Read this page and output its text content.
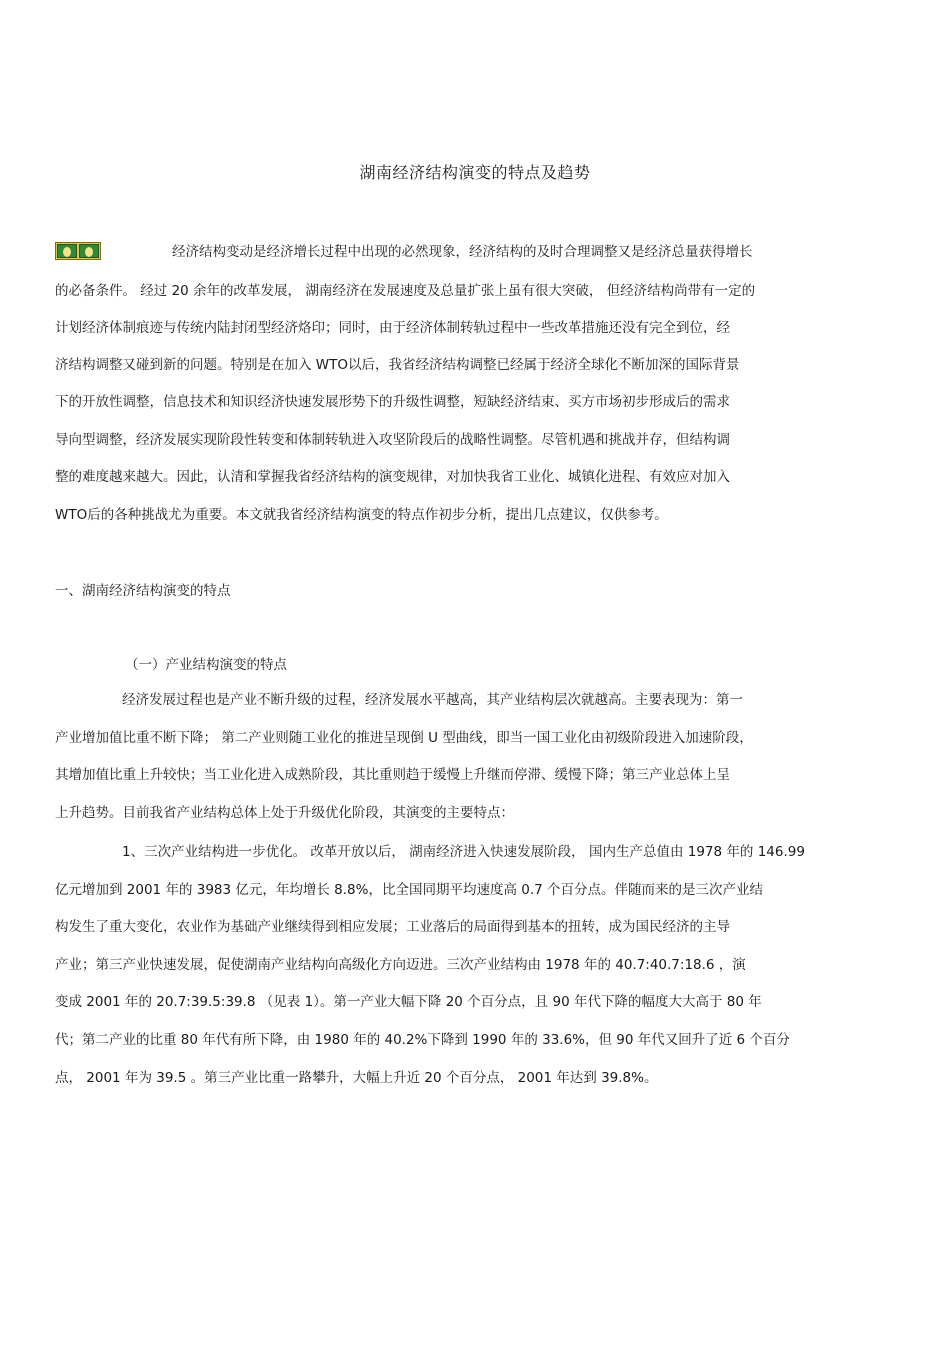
湖南经济结构演变的特点及趋势
经济结构变动是经济增长过程中出现的必然现象，经济结构的及时合理调整又是经济总量获得增长
的必备条件。 经过 20 余年的改革发展， 湖南经济在发展速度及总量扩张上虽有很大突破， 但经济结构尚带有一定的
计划经济体制痕迹与传统内陆封闭型经济烙印；同时，由于经济体制转轨过程中一些改革措施还没有完全到位，经
济结构调整又碰到新的问题。特别是在加入 WTO以后，我省经济结构调整已经属于经济全球化不断加深的国际背景
下的开放性调整，信息技术和知识经济快速发展形势下的升级性调整，短缺经济结束、买方市场初步形成后的需求
导向型调整，经济发展实现阶段性转变和体制转轨进入攻坚阶段后的战略性调整。尽管机遇和挑战并存，但结构调
整的难度越来越大。因此，认清和掌握我省经济结构的演变规律，对加快我省工业化、城镇化进程、有效应对加入
WTO后的各种挑战尤为重要。本文就我省经济结构演变的特点作初步分析，提出几点建议，仅供参考。
一、湖南经济结构演变的特点
（一）产业结构演变的特点
经济发展过程也是产业不断升级的过程，经济发展水平越高，其产业结构层次就越高。主要表现为：第一
产业增加值比重不断下降； 第二产业则随工业化的推进呈现倒 U 型曲线，即当一国工业化由初级阶段进入加速阶段，
其增加值比重上升较快；当工业化进入成熟阶段，其比重则趋于缓慢上升继而停滞、缓慢下降；第三产业总体上呈
上升趋势。目前我省产业结构总体上处于升级优化阶段，其演变的主要特点：
1、三次产业结构进一步优化。 改革开放以后， 湖南经济进入快速发展阶段， 国内生产总值由 1978 年的 146.99
亿元增加到 2001 年的 3983 亿元，年均增长 8.8%，比全国同期平均速度高 0.7 个百分点。伴随而来的是三次产业结
构发生了重大变化，农业作为基础产业继续得到相应发展；工业落后的局面得到基本的扭转，成为国民经济的主导
产业；第三产业快速发展，促使湖南产业结构向高级化方向迈进。三次产业结构由 1978 年的 40.7:40.7:18.6 ，演
变成 2001 年的 20.7:39.5:39.8 （见表 1）。第一产业大幅下降 20 个百分点，且 90 年代下降的幅度大大高于 80 年
代；第二产业的比重 80 年代有所下降，由 1980 年的 40.2%下降到 1990 年的 33.6%，但 90 年代又回升了近 6 个百分
点， 2001 年为 39.5 。第三产业比重一路攀升，大幅上升近 20 个百分点， 2001 年达到 39.8%。
